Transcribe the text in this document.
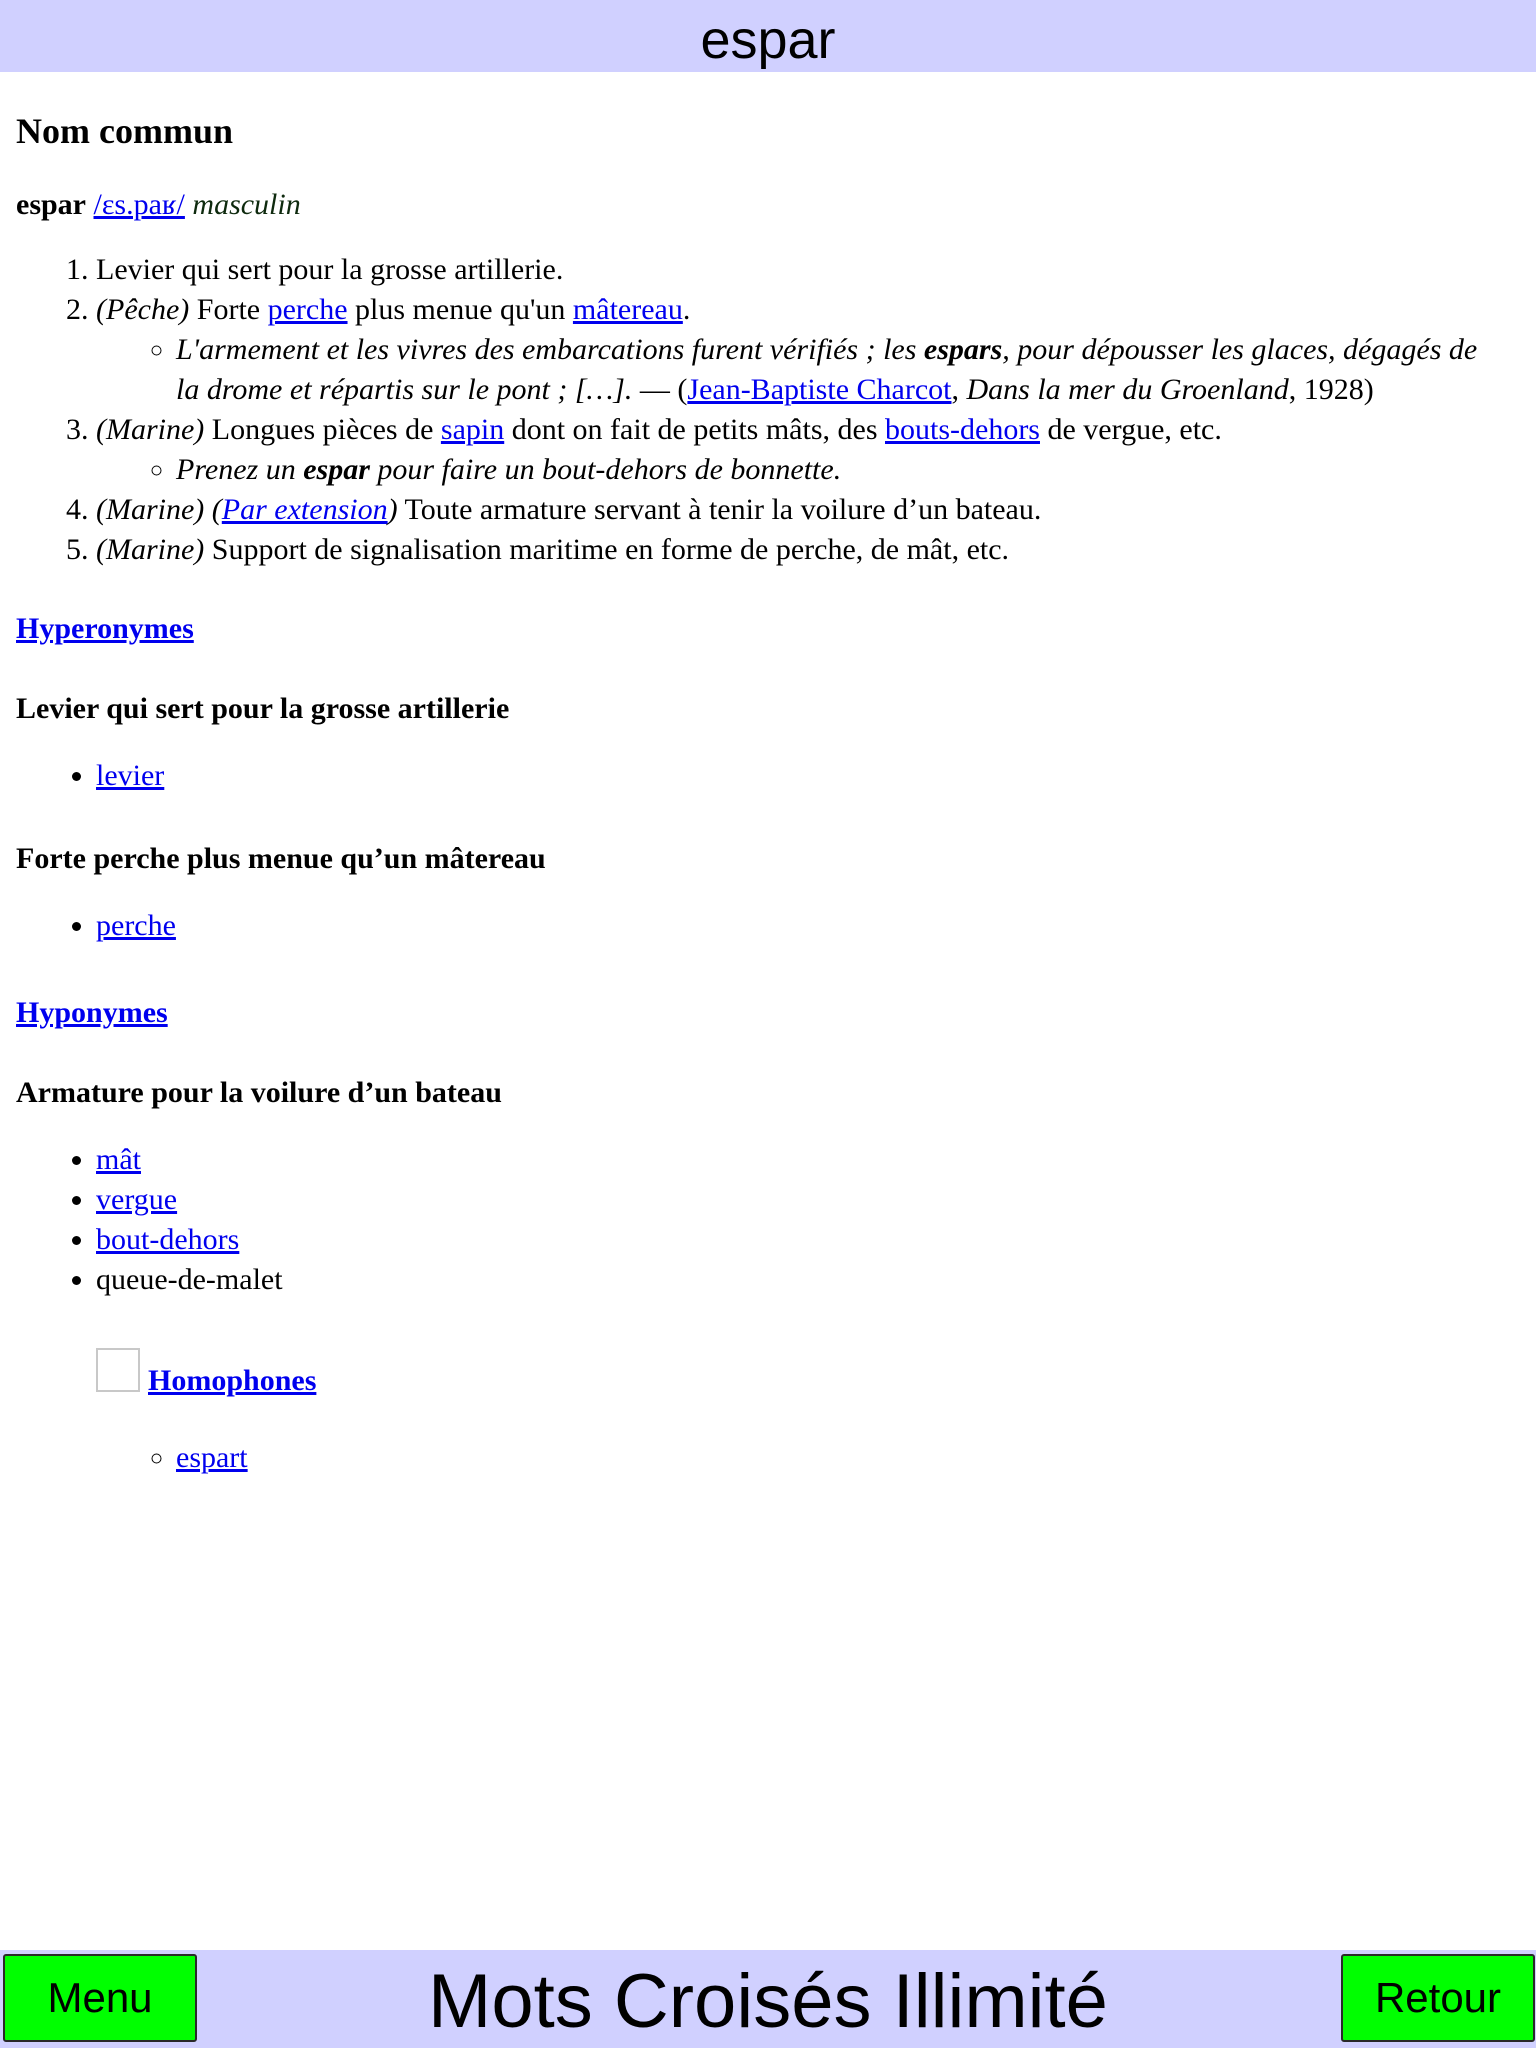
espar
Nom commun
espar /ɛs.paʁ/ masculin
1. Levier qui sert pour la grosse artillerie.
2. (Pêche) Forte perche plus menue qu'un mâtereau.
◦ L'armement et les vivres des embarcations furent vérifiés ; les espars, pour dépousser les glaces, dégagés de la drome et répartis sur le pont ; […]. — (Jean-Baptiste Charcot, Dans la mer du Groenland, 1928)
3. (Marine) Longues pièces de sapin dont on fait de petits mâts, des bouts-dehors de vergue, etc.
◦ Prenez un espar pour faire un bout-dehors de bonnette.
4. (Marine) (Par extension) Toute armature servant à tenir la voilure d’un bateau.
5. (Marine) Support de signalisation maritime en forme de perche, de mât, etc.
Hyperonymes
Levier qui sert pour la grosse artillerie
• levier
Forte perche plus menue qu’un mâtereau
• perche
Hyponymes
Armature pour la voilure d’un bateau
• mât
• vergue
• bout-dehors
• queue-de-malet
Homophones
◦ espart
Mots Croisés Illimité
Menu	Retour
